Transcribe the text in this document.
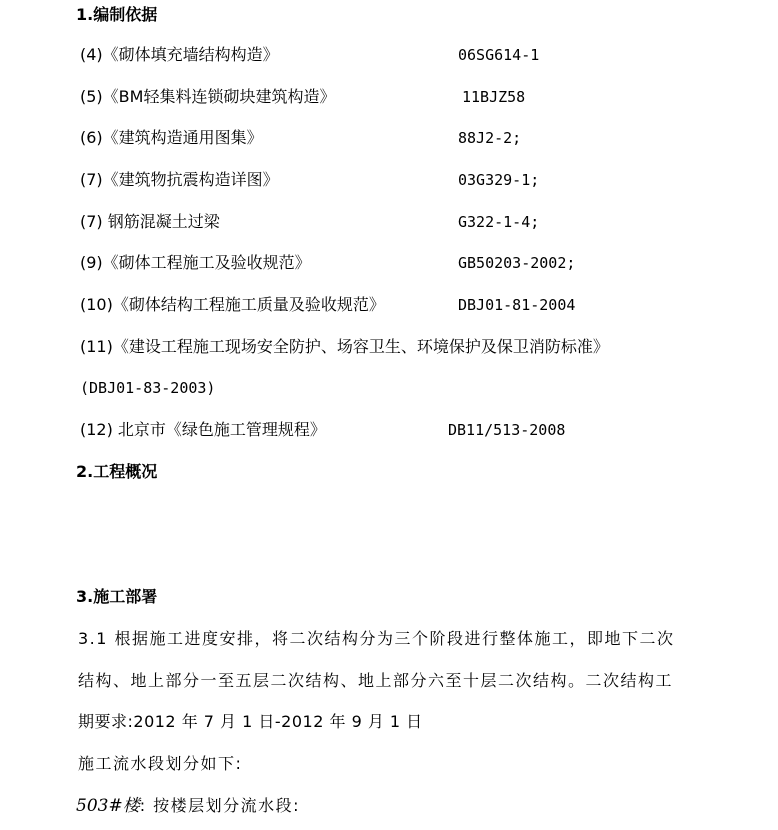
1.编制依据
(4)《砌体填充墙结构构造》	06SG614-1
(5)《BM轻集料连锁砌块建筑构造》	11BJZ58
(6)《建筑构造通用图集》	88J2-2;
(7)《建筑物抗震构造详图》	03G329-1;
(7) 钢筋混凝土过梁	G322-1-4;
(9)《砌体工程施工及验收规范》	GB50203-2002;
(10)《砌体结构工程施工质量及验收规范》	DBJ01-81-2004
(11)《建设工程施工现场安全防护、场容卫生、环境保护及保卫消防标准》
(DBJ01-83-2003)
(12) 北京市《绿色施工管理规程》	DB11/513-2008
2.工程概况
3.施工部署
3.1 根据施工进度安排，将二次结构分为三个阶段进行整体施工，即地下二次
结构、地上部分一至五层二次结构、地上部分六至十层二次结构。二次结构工
期要求:2012 年 7 月 1 日-2012 年 9 月 1 日
施工流水段划分如下:
503#楼: 按楼层划分流水段:
